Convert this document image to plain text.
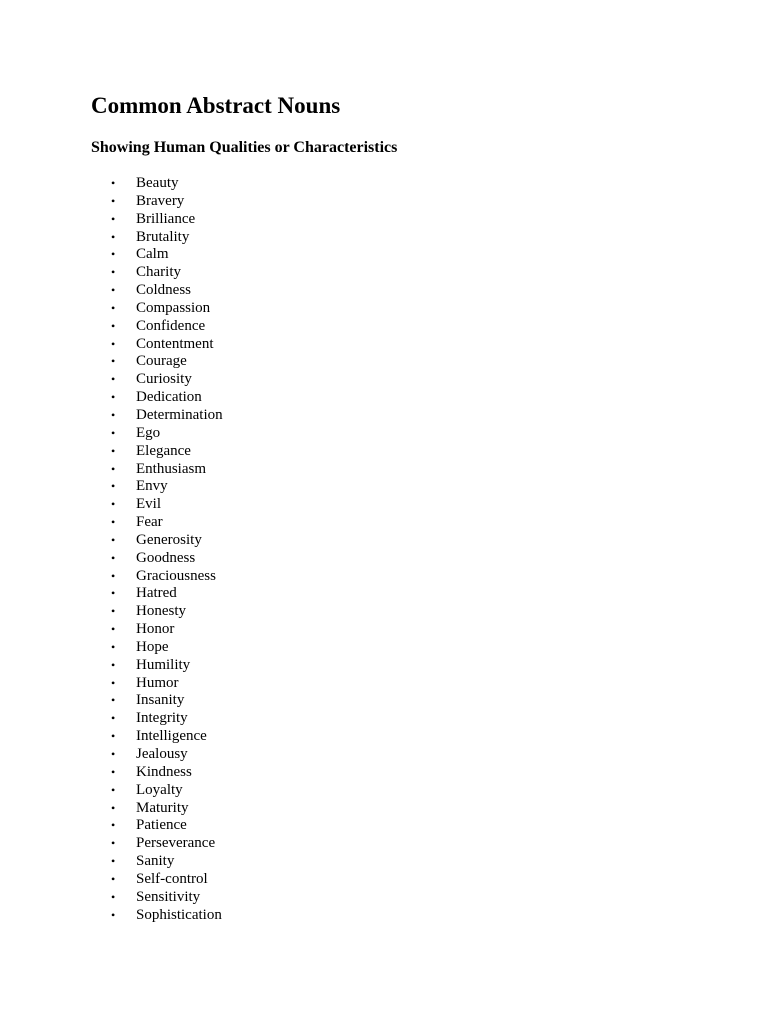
Common Abstract Nouns
Showing Human Qualities or Characteristics
• Beauty
• Bravery
• Brilliance
• Brutality
• Calm
• Charity
• Coldness
• Compassion
• Confidence
• Contentment
• Courage
• Curiosity
• Dedication
• Determination
• Ego
• Elegance
• Enthusiasm
• Envy
• Evil
• Fear
• Generosity
• Goodness
• Graciousness
• Hatred
• Honesty
• Honor
• Hope
• Humility
• Humor
• Insanity
• Integrity
• Intelligence
• Jealousy
• Kindness
• Loyalty
• Maturity
• Patience
• Perseverance
• Sanity
• Self-control
• Sensitivity
• Sophistication
